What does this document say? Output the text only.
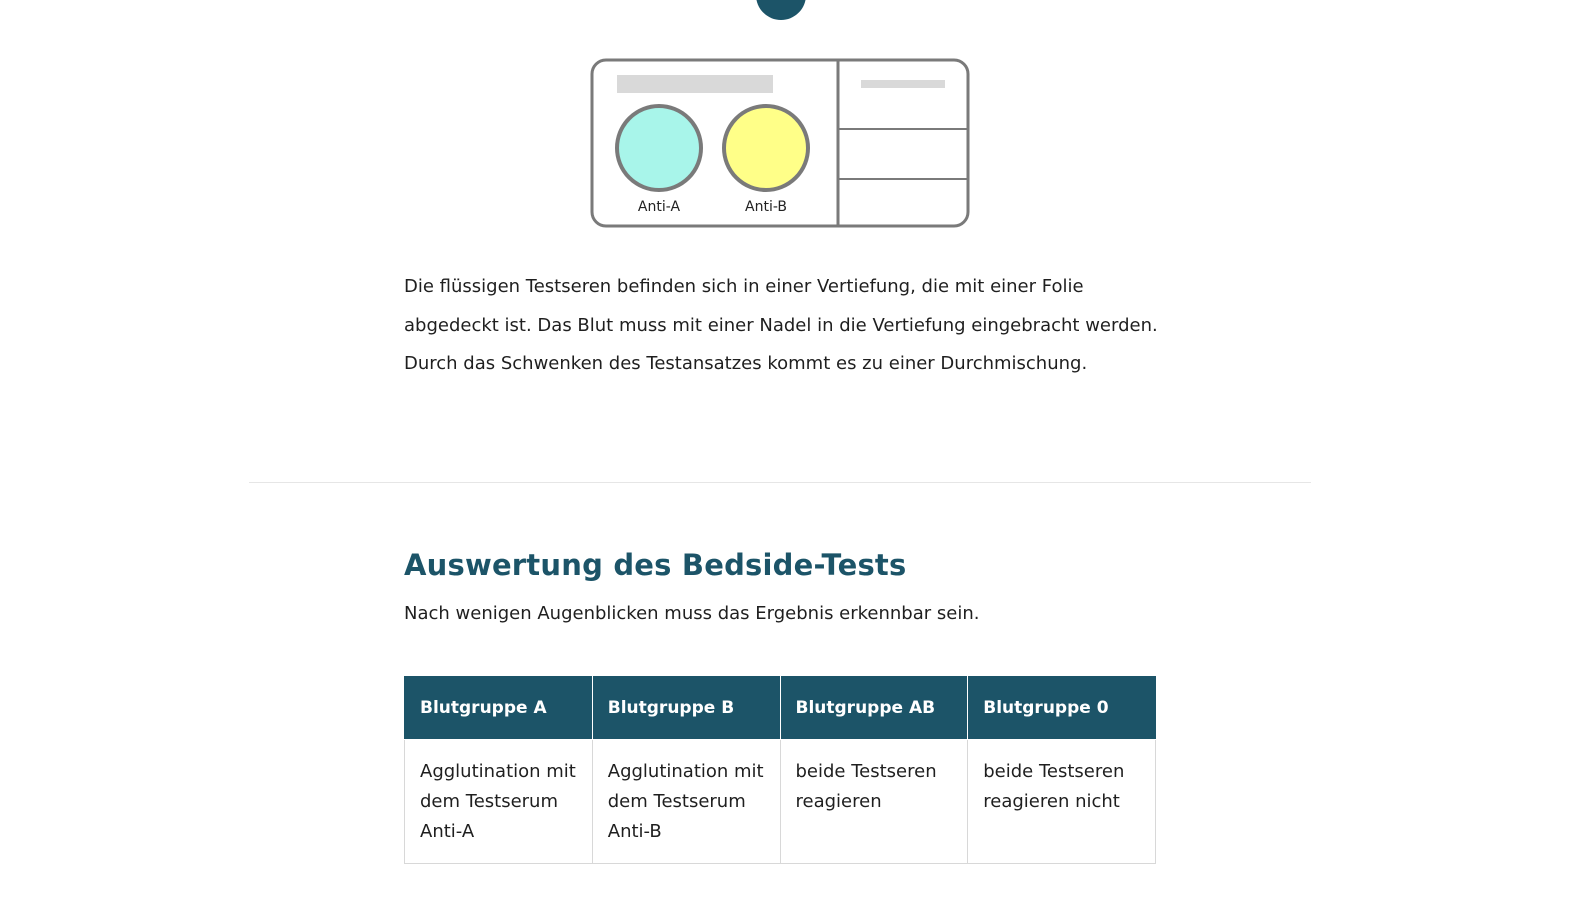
Anti-A	Anti-B

Die flüssigen Testseren befinden sich in einer Vertiefung, die mit einer Folie abgedeckt ist. Das Blut muss mit einer Nadel in die Vertiefung eingebracht werden. Durch das Schwenken des Testansatzes kommt es zu einer Durchmischung.

Auswertung des Bedside-Tests

Nach wenigen Augenblicken muss das Ergebnis erkennbar sein.

Blutgruppe A	Blutgruppe B	Blutgruppe AB	Blutgruppe 0
Agglutination mit dem Testserum Anti-A	Agglutination mit dem Testserum Anti-B	beide Testseren reagieren	beide Testseren reagieren nicht
